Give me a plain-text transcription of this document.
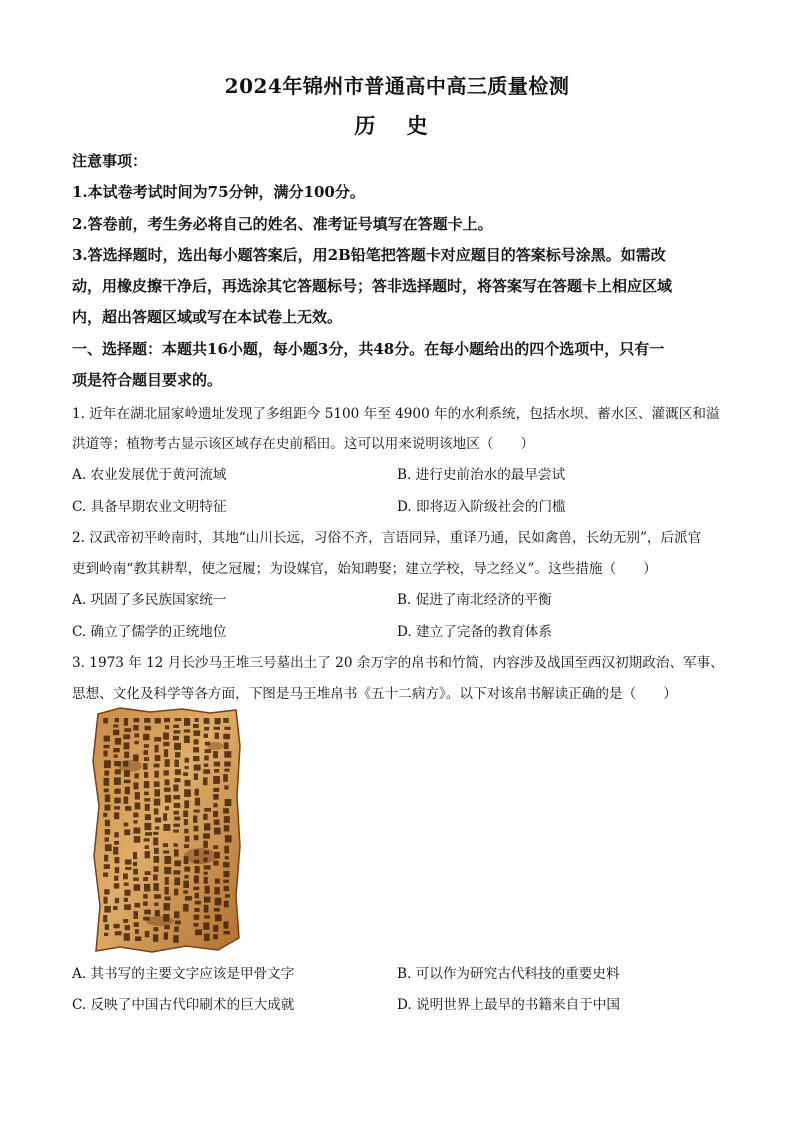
2024年锦州市普通高中高三质量检测
历 史
注意事项：
1.本试卷考试时间为75分钟，满分100分。
2.答卷前，考生务必将自己的姓名、准考证号填写在答题卡上。
3.答选择题时，选出每小题答案后，用2B铅笔把答题卡对应题目的答案标号涂黑。如需改
动，用橡皮擦干净后，再选涂其它答题标号；答非选择题时，将答案写在答题卡上相应区域
内，超出答题区域或写在本试卷上无效。
一、选择题：本题共16小题，每小题3分，共48分。在每小题给出的四个选项中，只有一
项是符合题目要求的。
1. 近年在湖北屈家岭遗址发现了多组距今 5100 年至 4900 年的水利系统，包括水坝、蓄水区、灌溉区和溢
洪道等；植物考古显示该区域存在史前稻田。这可以用来说明该地区（　　）
A. 农业发展优于黄河流域	B. 进行史前治水的最早尝试
C. 具备早期农业文明特征	D. 即将迈入阶级社会的门槛
2. 汉武帝初平岭南时，其地“山川长远，习俗不齐，言语同异，重译乃通，民如禽兽，长幼无别”，后派官
吏到岭南“教其耕犁，使之冠履；为设媒官，始知聘娶；建立学校，导之经义”。这些措施（　　）
A. 巩固了多民族国家统一	B. 促进了南北经济的平衡
C. 确立了儒学的正统地位	D. 建立了完备的教育体系
3. 1973 年 12 月长沙马王堆三号墓出土了 20 余万字的帛书和竹简，内容涉及战国至西汉初期政治、军事、
思想、文化及科学等各方面，下图是马王堆帛书《五十二病方》。以下对该帛书解读正确的是（　　）
A. 其书写的主要文字应该是甲骨文字	B. 可以作为研究古代科技的重要史料
C. 反映了中国古代印刷术的巨大成就	D. 说明世界上最早的书籍来自于中国
